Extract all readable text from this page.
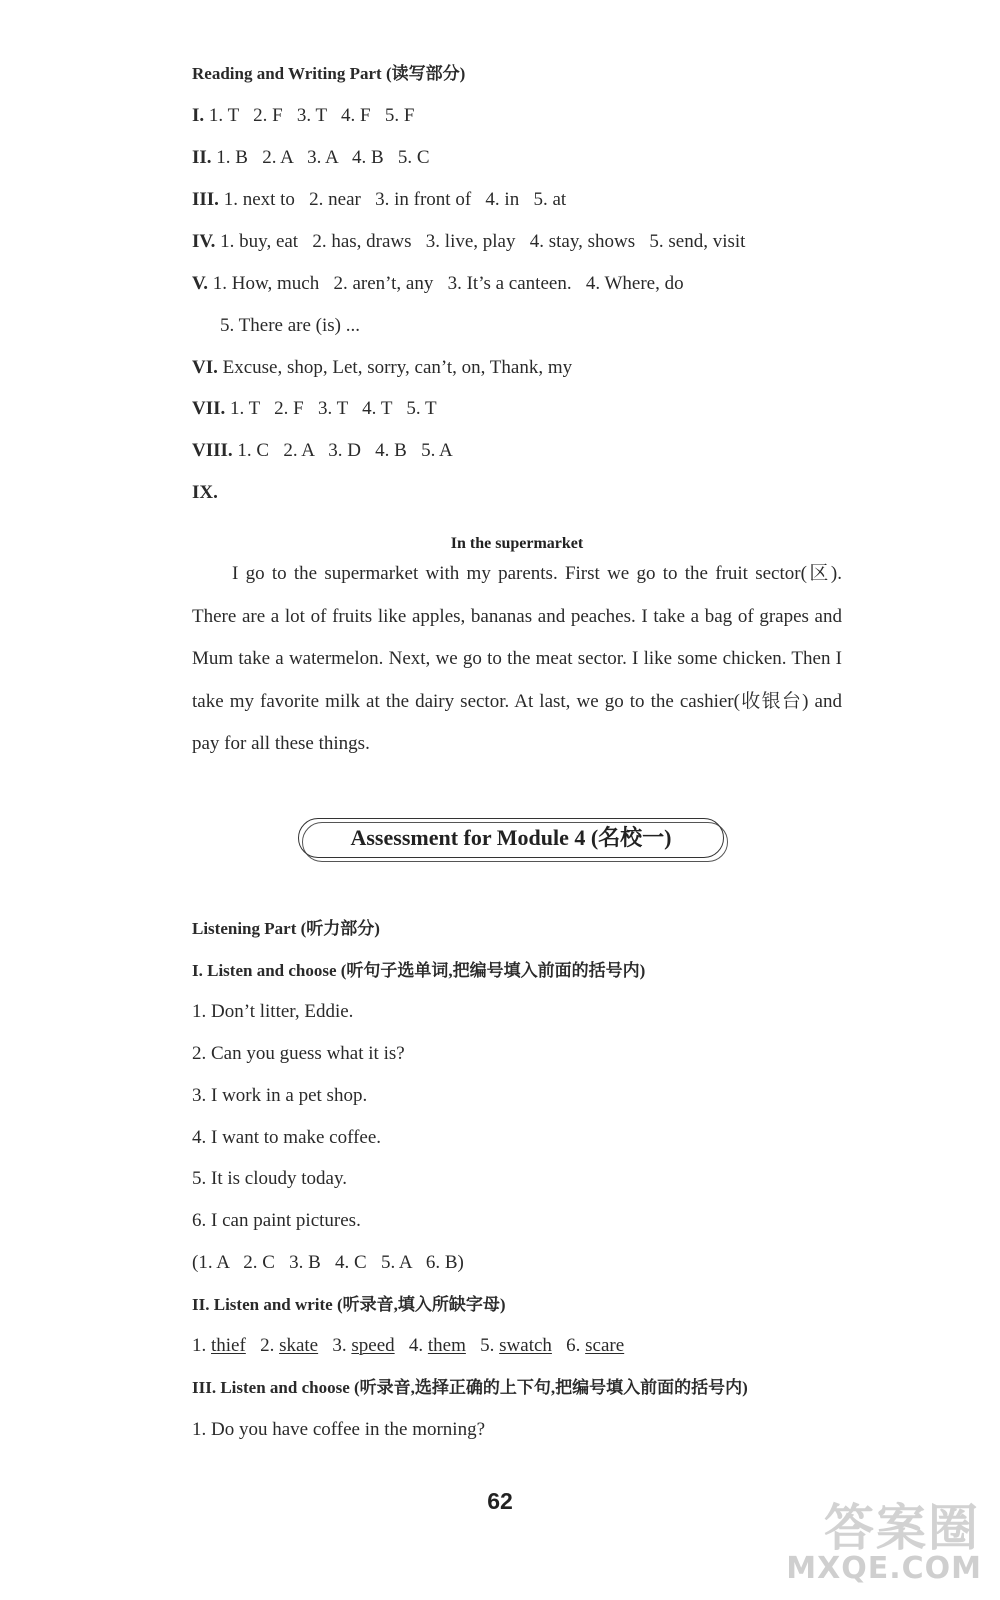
Reading and Writing Part (读写部分)
I. 1. T   2. F   3. T   4. F   5. F
II. 1. B   2. A   3. A   4. B   5. C
III. 1. next to   2. near   3. in front of   4. in   5. at
IV. 1. buy, eat   2. has, draws   3. live, play   4. stay, shows   5. send, visit
V. 1. How, much   2. aren’t, any   3. It’s a canteen.   4. Where, do
5. There are (is) ...
VI. Excuse, shop, Let, sorry, can’t, on, Thank, my
VII. 1. T   2. F   3. T   4. T   5. T
VIII. 1. C   2. A   3. D   4. B   5. A
IX.
In the supermarket
I go to the supermarket with my parents. First we go to the fruit sector(区). There are a lot of fruits like apples, bananas and peaches. I take a bag of grapes and Mum take a watermelon. Next, we go to the meat sector. I like some chicken. Then I take my favorite milk at the dairy sector. At last, we go to the cashier(收银台) and pay for all these things.
Assessment for Module 4 (名校一)
Listening Part (听力部分)
I. Listen and choose (听句子选单词,把编号填入前面的括号内)
1. Don’t litter, Eddie.
2. Can you guess what it is?
3. I work in a pet shop.
4. I want to make coffee.
5. It is cloudy today.
6. I can paint pictures.
(1. A   2. C   3. B   4. C   5. A   6. B)
II. Listen and write (听录音,填入所缺字母)
1. thief   2. skate   3. speed   4. them   5. swatch   6. scare
III. Listen and choose (听录音,选择正确的上下句,把编号填入前面的括号内)
1. Do you have coffee in the morning?
62	答案圈
MXQE.COM
